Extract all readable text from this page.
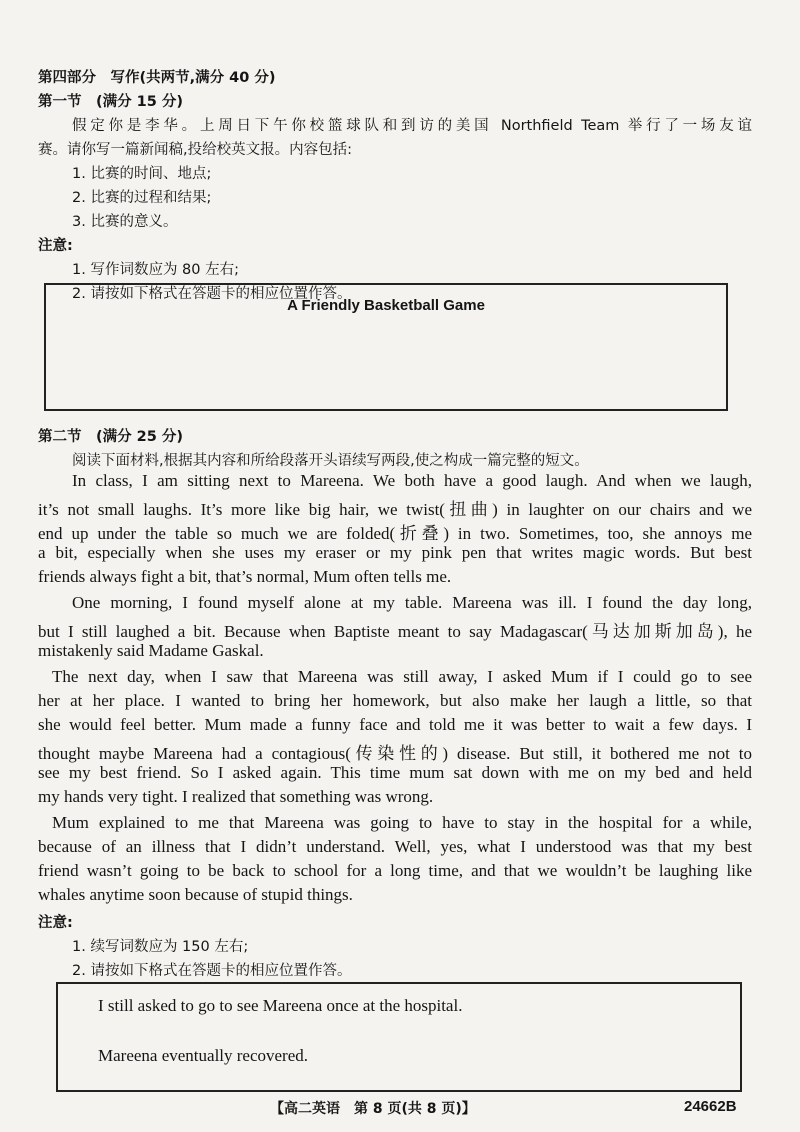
第四部分　写作(共两节,满分 40 分)
第一节　(满分 15 分)
假定你是李华。上周日下午你校篮球队和到访的美国 Northfield Team 举行了一场友谊
赛。请你写一篇新闻稿,投给校英文报。内容包括:
1. 比赛的时间、地点;
2. 比赛的过程和结果;
3. 比赛的意义。
注意:
1. 写作词数应为 80 左右;
2. 请按如下格式在答题卡的相应位置作答。
A Friendly Basketball Game
第二节　(满分 25 分)
阅读下面材料,根据其内容和所给段落开头语续写两段,使之构成一篇完整的短文。
In class, I am sitting next to Mareena. We both have a good laugh. And when we laugh,
it’s not small laughs. It’s more like big hair, we twist(扭曲) in laughter on our chairs and we
end up under the table so much we are folded(折叠) in two. Sometimes, too, she annoys me
a bit, especially when she uses my eraser or my pink pen that writes magic words. But best
friends always fight a bit, that’s normal, Mum often tells me.
One morning, I found myself alone at my table. Mareena was ill. I found the day long,
but I still laughed a bit. Because when Baptiste meant to say Madagascar(马达加斯加岛), he
mistakenly said Madame Gaskal.
The next day, when I saw that Mareena was still away, I asked Mum if I could go to see
her at her place. I wanted to bring her homework, but also make her laugh a little, so that
she would feel better. Mum made a funny face and told me it was better to wait a few days. I
thought maybe Mareena had a contagious(传染性的) disease. But still, it bothered me not to
see my best friend. So I asked again. This time mum sat down with me on my bed and held
my hands very tight. I realized that something was wrong.
Mum explained to me that Mareena was going to have to stay in the hospital for a while,
because of an illness that I didn’t understand. Well, yes, what I understood was that my best
friend wasn’t going to be back to school for a long time, and that we wouldn’t be laughing like
whales anytime soon because of stupid things.
注意:
1. 续写词数应为 150 左右;
2. 请按如下格式在答题卡的相应位置作答。
I still asked to go to see Mareena once at the hospital.
Mareena eventually recovered.
【高二英语　第 8 页(共 8 页)】	24662B
